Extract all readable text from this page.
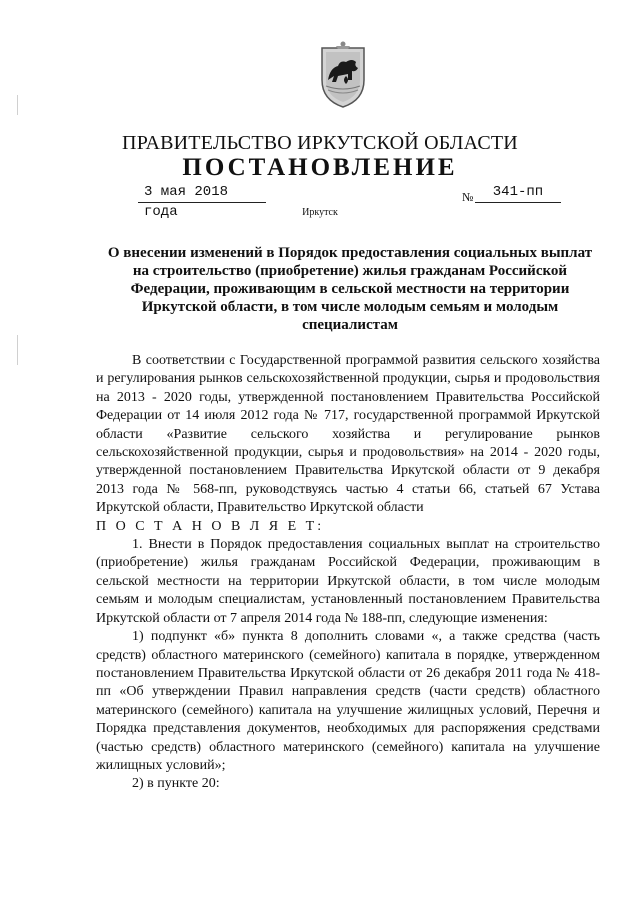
ПРАВИТЕЛЬСТВО ИРКУТСКОЙ ОБЛАСТИ
ПОСТАНОВЛЕНИЕ
3 мая 2018 года
№	341-пп
Иркутск
О внесении изменений в Порядок предоставления социальных выплат на строительство (приобретение) жилья гражданам Российской Федерации, проживающим в сельской местности на территории Иркутской области, в том числе молодым семьям и молодым специалистам

В соответствии с Государственной программой развития сельского хозяйства и регулирования рынков сельскохозяйственной продукции, сырья и продовольствия на 2013 - 2020 годы, утвержденной постановлением Правительства Российской Федерации от 14 июля 2012 года № 717, государственной программой Иркутской области «Развитие сельского хозяйства и регулирование рынков сельскохозяйственной продукции, сырья и продовольствия» на 2014 - 2020 годы, утвержденной постановлением Правительства Иркутской области от 9 декабря 2013 года № 568-пп, руководствуясь частью 4 статьи 66, статьей 67 Устава Иркутской области, Правительство Иркутской области

П О С Т А Н О В Л Я Е Т:

1. Внести в Порядок предоставления социальных выплат на строительство (приобретение) жилья гражданам Российской Федерации, проживающим в сельской местности на территории Иркутской области, в том числе молодым семьям и молодым специалистам, установленный постановлением Правительства Иркутской области от 7 апреля 2014 года № 188-пп, следующие изменения:

1) подпункт «б» пункта 8 дополнить словами «, а также средства (часть средств) областного материнского (семейного) капитала в порядке, утвержденном постановлением Правительства Иркутской области от 26 декабря 2011 года № 418-пп «Об утверждении Правил направления средств (части средств) областного материнского (семейного) капитала на улучшение жилищных условий, Перечня и Порядка представления документов, необходимых для распоряжения средствами (частью средств) областного материнского (семейного) капитала на улучшение жилищных условий»;

2) в пункте 20:
